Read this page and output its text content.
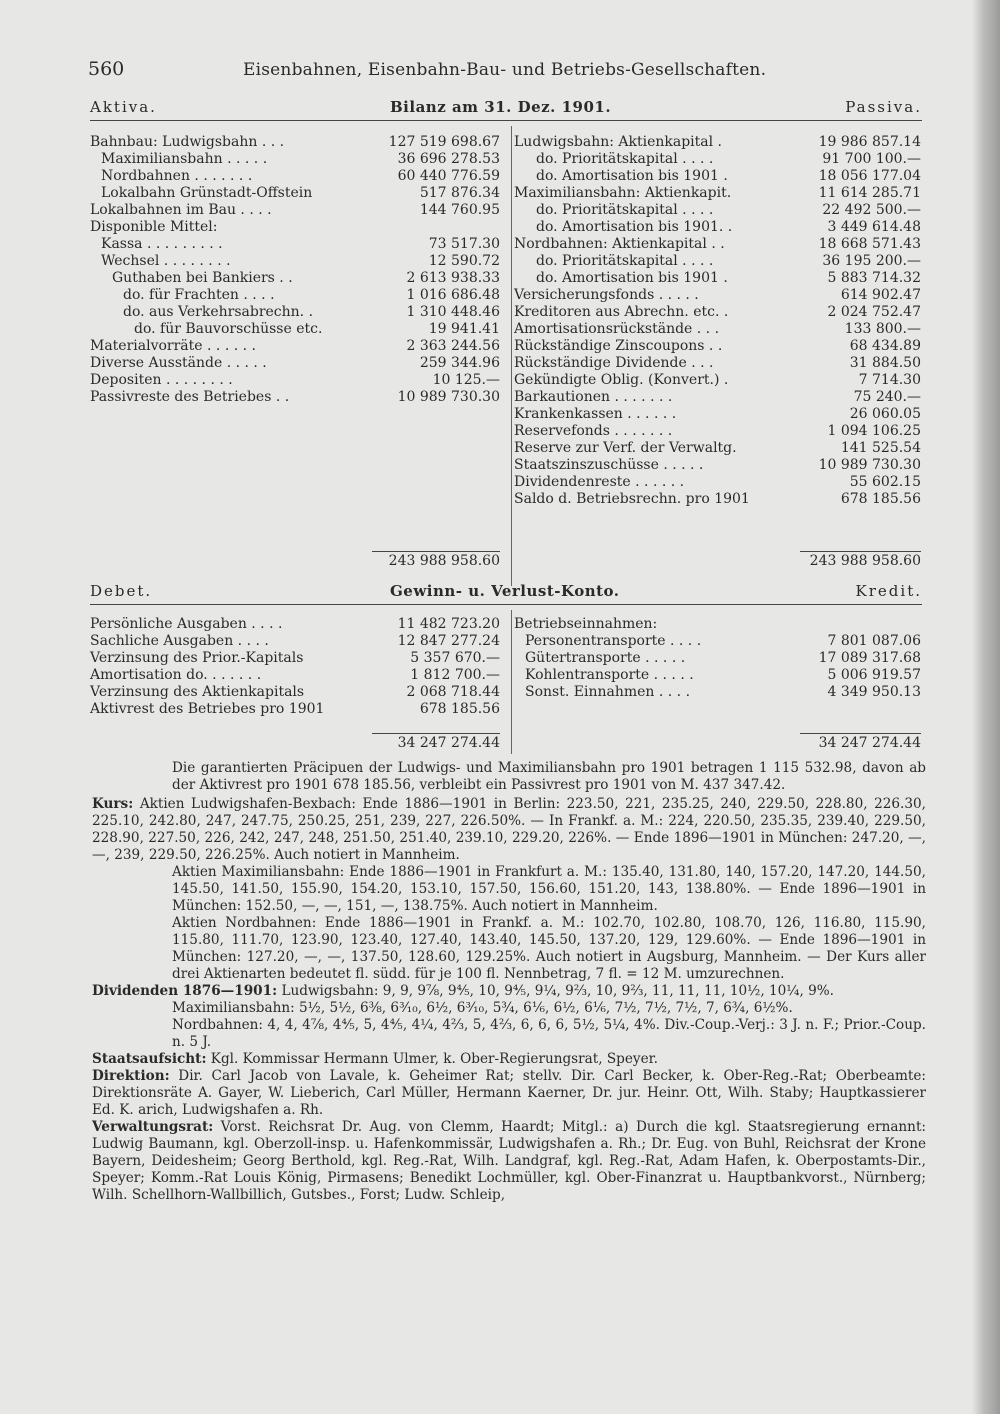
560	Eisenbahnen, Eisenbahn-Bau- und Betriebs-Gesellschaften.
Aktiva.	Bilanz am 31. Dez. 1901.	Passiva.
Bahnbau: Ludwigsbahn . . .	127 519 698.67
Maximiliansbahn . . . . .	36 696 278.53
Nordbahnen . . . . . . .	60 440 776.59
Lokalbahn Grünstadt-Offstein	517 876.34
Lokalbahnen im Bau . . . .	144 760.95
Disponible Mittel:
Kassa . . . . . . . . .	73 517.30
Wechsel . . . . . . . .	12 590.72
Guthaben bei Bankiers . .	2 613 938.33
do. für Frachten . . . .	1 016 686.48
do. aus Verkehrsabrechn. .	1 310 448.46
do. für Bauvorschüsse etc.	19 941.41
Materialvorräte . . . . . .	2 363 244.56
Diverse Ausstände . . . . .	259 344.96
Depositen . . . . . . . .	10 125.—
Passivreste des Betriebes . .	10 989 730.30
Ludwigsbahn: Aktienkapital .	19 986 857.14
do. Prioritätskapital . . . .	91 700 100.—
do. Amortisation bis 1901 .	18 056 177.04
Maximiliansbahn: Aktienkapit.	11 614 285.71
do. Prioritätskapital . . . .	22 492 500.—
do. Amortisation bis 1901. .	3 449 614.48
Nordbahnen: Aktienkapital . .	18 668 571.43
do. Prioritätskapital . . . .	36 195 200.—
do. Amortisation bis 1901 .	5 883 714.32
Versicherungsfonds . . . . .	614 902.47
Kreditoren aus Abrechn. etc. .	2 024 752.47
Amortisationsrückstände . . .	133 800.—
Rückständige Zinscoupons . .	68 434.89
Rückständige Dividende . . .	31 884.50
Gekündigte Oblig. (Konvert.) .	7 714.30
Barkautionen . . . . . . .	75 240.—
Krankenkassen . . . . . .	26 060.05
Reservefonds . . . . . . .	1 094 106.25
Reserve zur Verf. der Verwaltg.	141 525.54
Staatszinszuschüsse . . . . .	10 989 730.30
Dividendenreste . . . . . .	55 602.15
Saldo d. Betriebsrechn. pro 1901	678 185.56
243 988 958.60	243 988 958.60
Debet.	Gewinn- u. Verlust-Konto.	Kredit.
Persönliche Ausgaben . . . .	11 482 723.20
Sachliche Ausgaben . . . .	12 847 277.24
Verzinsung des Prior.-Kapitals	5 357 670.—
Amortisation do. . . . . . .	1 812 700.—
Verzinsung des Aktienkapitals	2 068 718.44
Aktivrest des Betriebes pro 1901	678 185.56
Betriebseinnahmen:
Personentransporte . . . .	7 801 087.06
Gütertransporte . . . . .	17 089 317.68
Kohlentransporte . . . . .	5 006 919.57
Sonst. Einnahmen . . . .	4 349 950.13
34 247 274.44	34 247 274.44

Die garantierten Präcipuen der Ludwigs- und Maximiliansbahn pro 1901 betragen 1 115 532.98, davon ab der Aktivrest pro 1901 678 185.56, verbleibt ein Passivrest pro 1901 von M. 437 347.42.

Kurs: Aktien Ludwigshafen-Bexbach: Ende 1886—1901 in Berlin: 223.50, 221, 235.25, 240, 229.50, 228.80, 226.30, 225.10, 242.80, 247, 247.75, 250.25, 251, 239, 227, 226.50%. — In Frankf. a. M.: 224, 220.50, 235.35, 239.40, 229.50, 228.90, 227.50, 226, 242, 247, 248, 251.50, 251.40, 239.10, 229.20, 226%. — Ende 1896—1901 in München: 247.20, —, —, 239, 229.50, 226.25%. Auch notiert in Mannheim.

Aktien Maximiliansbahn: Ende 1886—1901 in Frankfurt a. M.: 135.40, 131.80, 140, 157.20, 147.20, 144.50, 145.50, 141.50, 155.90, 154.20, 153.10, 157.50, 156.60, 151.20, 143, 138.80%. — Ende 1896—1901 in München: 152.50, —, —, 151, —, 138.75%. Auch notiert in Mannheim.

Aktien Nordbahnen: Ende 1886—1901 in Frankf. a. M.: 102.70, 102.80, 108.70, 126, 116.80, 115.90, 115.80, 111.70, 123.90, 123.40, 127.40, 143.40, 145.50, 137.20, 129, 129.60%. — Ende 1896—1901 in München: 127.20, —, —, 137.50, 128.60, 129.25%. Auch notiert in Augsburg, Mannheim. — Der Kurs aller drei Aktienarten bedeutet fl. südd. für je 100 fl. Nennbetrag, 7 fl. = 12 M. umzurechnen.

Dividenden 1876—1901: Ludwigsbahn: 9, 9, 9⅞, 9⅘, 10, 9⅘, 9¼, 9⅔, 10, 9⅔, 11, 11, 11, 10½, 10¼, 9%.

Maximiliansbahn: 5½, 5½, 6⅜, 6³⁄₁₀, 6½, 6³⁄₁₀, 5¾, 6⅙, 6½, 6⅙, 7½, 7½, 7½, 7, 6¾, 6½%.

Nordbahnen: 4, 4, 4⅞, 4⅘, 5, 4⅘, 4¼, 4⅔, 5, 4⅔, 6, 6, 6, 5½, 5¼, 4%. Div.-Coup.-Verj.: 3 J. n. F.; Prior.-Coup. n. 5 J.

Staatsaufsicht: Kgl. Kommissar Hermann Ulmer, k. Ober-Regierungsrat, Speyer.

Direktion: Dir. Carl Jacob von Lavale, k. Geheimer Rat; stellv. Dir. Carl Becker, k. Ober-Reg.-Rat; Oberbeamte: Direktionsräte A. Gayer, W. Lieberich, Carl Müller, Hermann Kaerner, Dr. jur. Heinr. Ott, Wilh. Staby; Hauptkassierer Ed. K. arich, Ludwigshafen a. Rh.

Verwaltungsrat: Vorst. Reichsrat Dr. Aug. von Clemm, Haardt; Mitgl.: a) Durch die kgl. Staatsregierung ernannt: Ludwig Baumann, kgl. Oberzoll-insp. u. Hafenkommissär, Ludwigshafen a. Rh.; Dr. Eug. von Buhl, Reichsrat der Krone Bayern, Deidesheim; Georg Berthold, kgl. Reg.-Rat, Wilh. Landgraf, kgl. Reg.-Rat, Adam Hafen, k. Oberpostamts-Dir., Speyer; Komm.-Rat Louis König, Pirmasens; Benedikt Lochmüller, kgl. Ober-Finanzrat u. Hauptbankvorst., Nürnberg; Wilh. Schellhorn-Wallbillich, Gutsbes., Forst; Ludw. Schleip,
